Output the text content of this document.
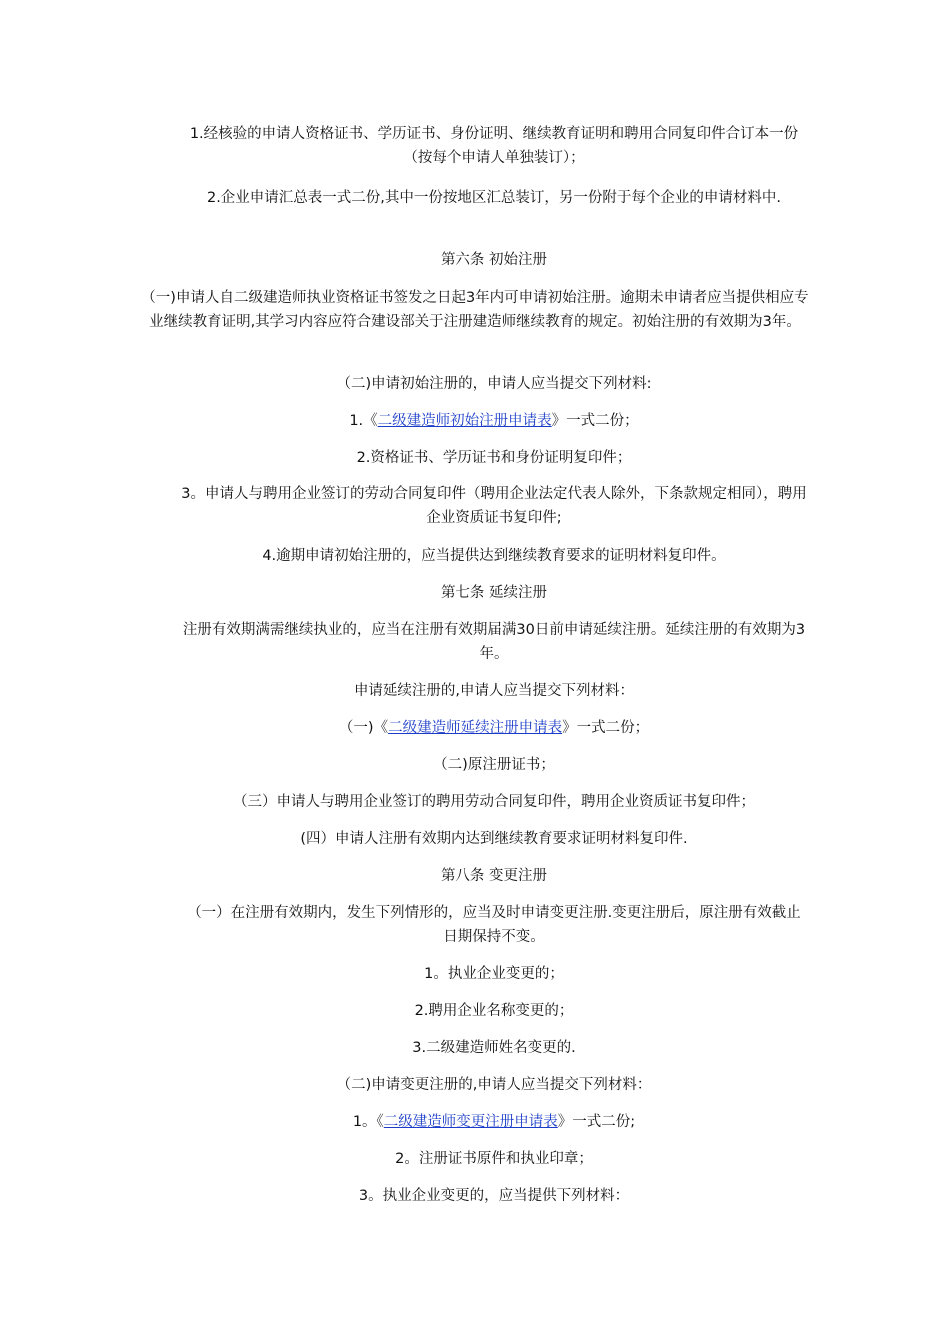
1.经核验的申请人资格证书、学历证书、身份证明、继续教育证明和聘用合同复印件合订本一份（按每个申请人单独装订）；

2.企业申请汇总表一式二份,其中一份按地区汇总装订，另一份附于每个企业的申请材料中.

第六条 初始注册

（一)申请人自二级建造师执业资格证书签发之日起3年内可申请初始注册。逾期未申请者应当提供相应专业继续教育证明,其学习内容应符合建设部关于注册建造师继续教育的规定。初始注册的有效期为3年。

（二)申请初始注册的，申请人应当提交下列材料:

1.《二级建造师初始注册申请表》一式二份；

2.资格证书、学历证书和身份证明复印件；

3。申请人与聘用企业签订的劳动合同复印件（聘用企业法定代表人除外，下条款规定相同），聘用企业资质证书复印件;

4.逾期申请初始注册的，应当提供达到继续教育要求的证明材料复印件。

第七条 延续注册

注册有效期满需继续执业的，应当在注册有效期届满30日前申请延续注册。延续注册的有效期为3年。

申请延续注册的,申请人应当提交下列材料：

（一)《二级建造师延续注册申请表》一式二份；

（二)原注册证书；

（三）申请人与聘用企业签订的聘用劳动合同复印件，聘用企业资质证书复印件；

(四）申请人注册有效期内达到继续教育要求证明材料复印件.

第八条 变更注册

（一）在注册有效期内，发生下列情形的，应当及时申请变更注册.变更注册后，原注册有效截止日期保持不变。

1。执业企业变更的；

2.聘用企业名称变更的；

3.二级建造师姓名变更的.

（二)申请变更注册的,申请人应当提交下列材料：

1。《二级建造师变更注册申请表》一式二份;

2。注册证书原件和执业印章；

3。执业企业变更的，应当提供下列材料：
